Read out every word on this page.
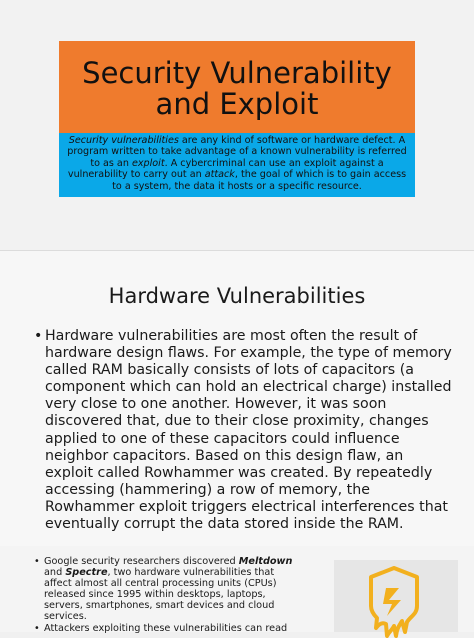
Security Vulnerability and Exploit
Security vulnerabilities are any kind of software or hardware defect. A program written to take advantage of a known vulnerability is referred to as an exploit. A cybercriminal can use an exploit against a vulnerability to carry out an attack, the goal of which is to gain access to a system, the data it hosts or a specific resource.
Hardware Vulnerabilities
• Hardware vulnerabilities are most often the result of hardware design flaws. For example, the type of memory called RAM basically consists of lots of capacitors (a component which can hold an electrical charge) installed very close to one another. However, it was soon discovered that, due to their close proximity, changes applied to one of these capacitors could influence neighbor capacitors. Based on this design flaw, an exploit called Rowhammer was created. By repeatedly accessing (hammering) a row of memory, the Rowhammer exploit triggers electrical interferences that eventually corrupt the data stored inside the RAM.
• Google security researchers discovered Meltdown and Spectre, two hardware vulnerabilities that affect almost all central processing units (CPUs) released since 1995 within desktops, laptops, servers, smartphones, smart devices and cloud services.
• Attackers exploiting these vulnerabilities can read
